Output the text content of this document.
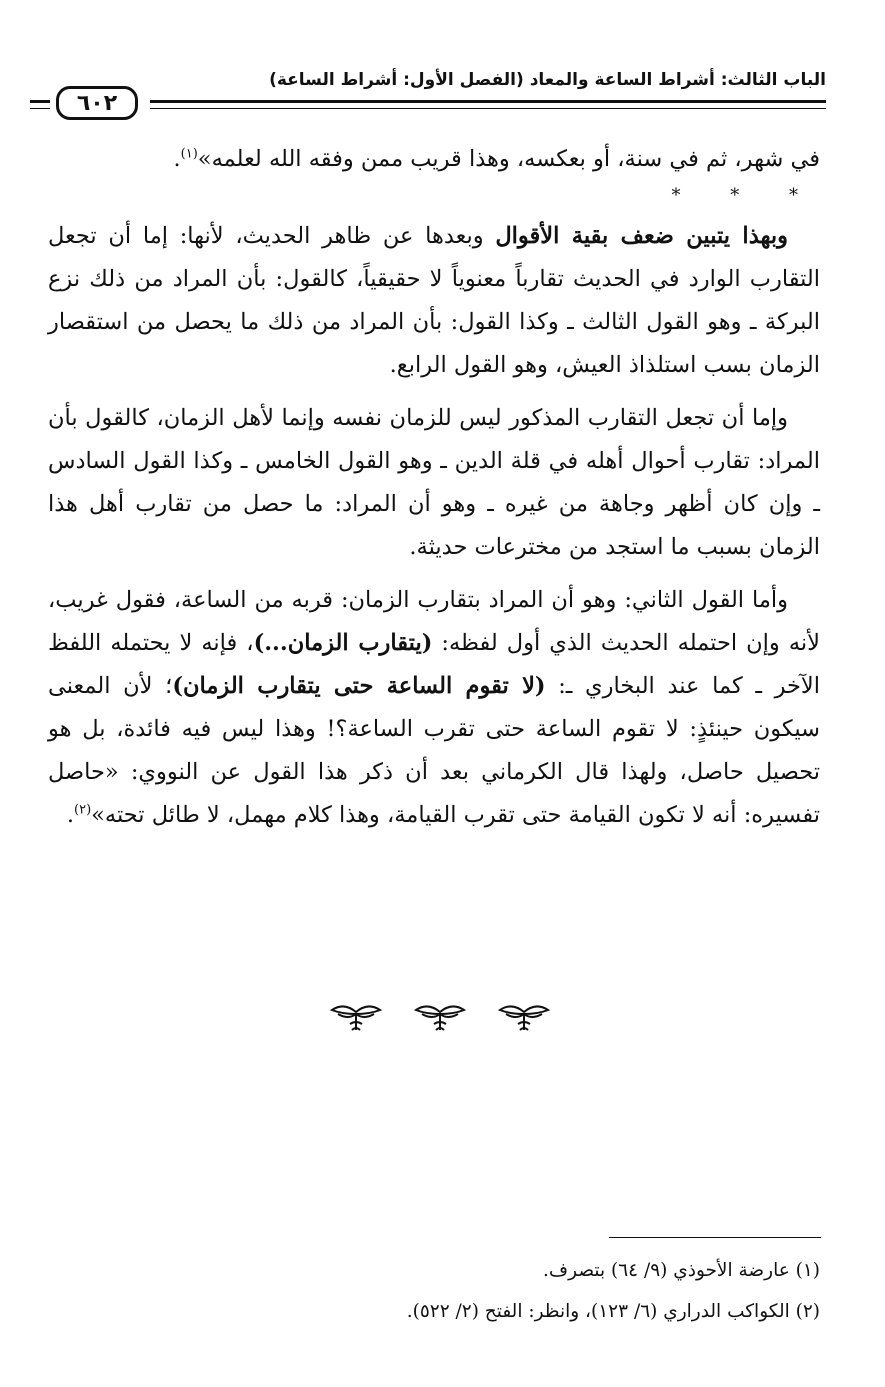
الباب الثالث: أشراط الساعة والمعاد (الفصل الأول: أشراط الساعة)
٦٠٢

في شهر، ثم في سنة، أو بعكسه، وهذا قريب ممن وفقه الله لعلمه»$^{(١)}$.

* * *

وبهذا يتبين ضعف بقية الأقوال وبعدها عن ظاهر الحديث، لأنها: إما أن تجعل التقارب الوارد في الحديث تقارباً معنوياً لا حقيقياً، كالقول: بأن المراد من ذلك نزع البركة ـ وهو القول الثالث ـ وكذا القول: بأن المراد من ذلك ما يحصل من استقصار الزمان بسب استلذاذ العيش، وهو القول الرابع.

وإما أن تجعل التقارب المذكور ليس للزمان نفسه وإنما لأهل الزمان، كالقول بأن المراد: تقارب أحوال أهله في قلة الدين ـ وهو القول الخامس ـ وكذا القول السادس ـ وإن كان أظهر وجاهة من غيره ـ وهو أن المراد: ما حصل من تقارب أهل هذا الزمان بسبب ما استجد من مخترعات حديثة.

وأما القول الثاني: وهو أن المراد بتقارب الزمان: قربه من الساعة، فقول غريب، لأنه وإن احتمله الحديث الذي أول لفظه: (يتقارب الزمان...)، فإنه لا يحتمله اللفظ الآخر ـ كما عند البخاري ـ: (لا تقوم الساعة حتى يتقارب الزمان)؛ لأن المعنى سيكون حينئذٍ: لا تقوم الساعة حتى تقرب الساعة؟! وهذا ليس فيه فائدة، بل هو تحصيل حاصل، ولهذا قال الكرماني بعد أن ذكر هذا القول عن النووي: «حاصل تفسيره: أنه لا تكون القيامة حتى تقرب القيامة، وهذا كلام مهمل، لا طائل تحته»$^{(٢)}$.

(١) عارضة الأحوذي (٩/ ٦٤) بتصرف.
(٢) الكواكب الدراري (٦/ ١٢٣)، وانظر: الفتح (٢/ ٥٢٢).
